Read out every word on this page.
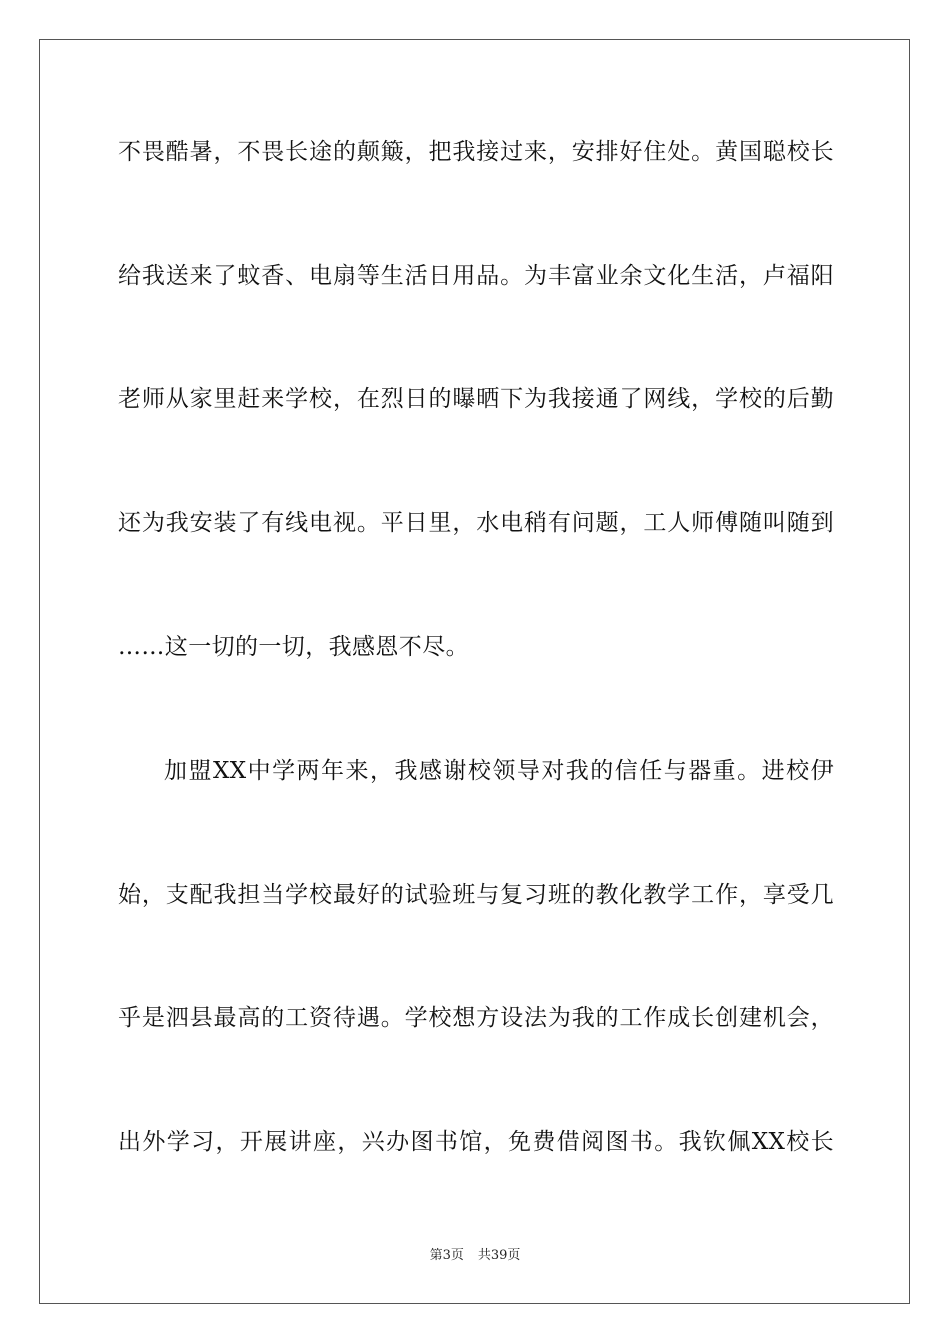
不畏酷暑，不畏长途的颠簸，把我接过来，安排好住处。黄国聪校长
给我送来了蚊香、电扇等生活日用品。为丰富业余文化生活，卢福阳
老师从家里赶来学校，在烈日的曝晒下为我接通了网线，学校的后勤
还为我安装了有线电视。平日里，水电稍有问题，工人师傅随叫随到
……这一切的一切，我感恩不尽。
加盟XX中学两年来，我感谢校领导对我的信任与器重。进校伊
始，支配我担当学校最好的试验班与复习班的教化教学工作，享受几
乎是泗县最高的工资待遇。学校想方设法为我的工作成长创建机会，
出外学习，开展讲座，兴办图书馆，免费借阅图书。我钦佩XX校长
第3页 共39页
